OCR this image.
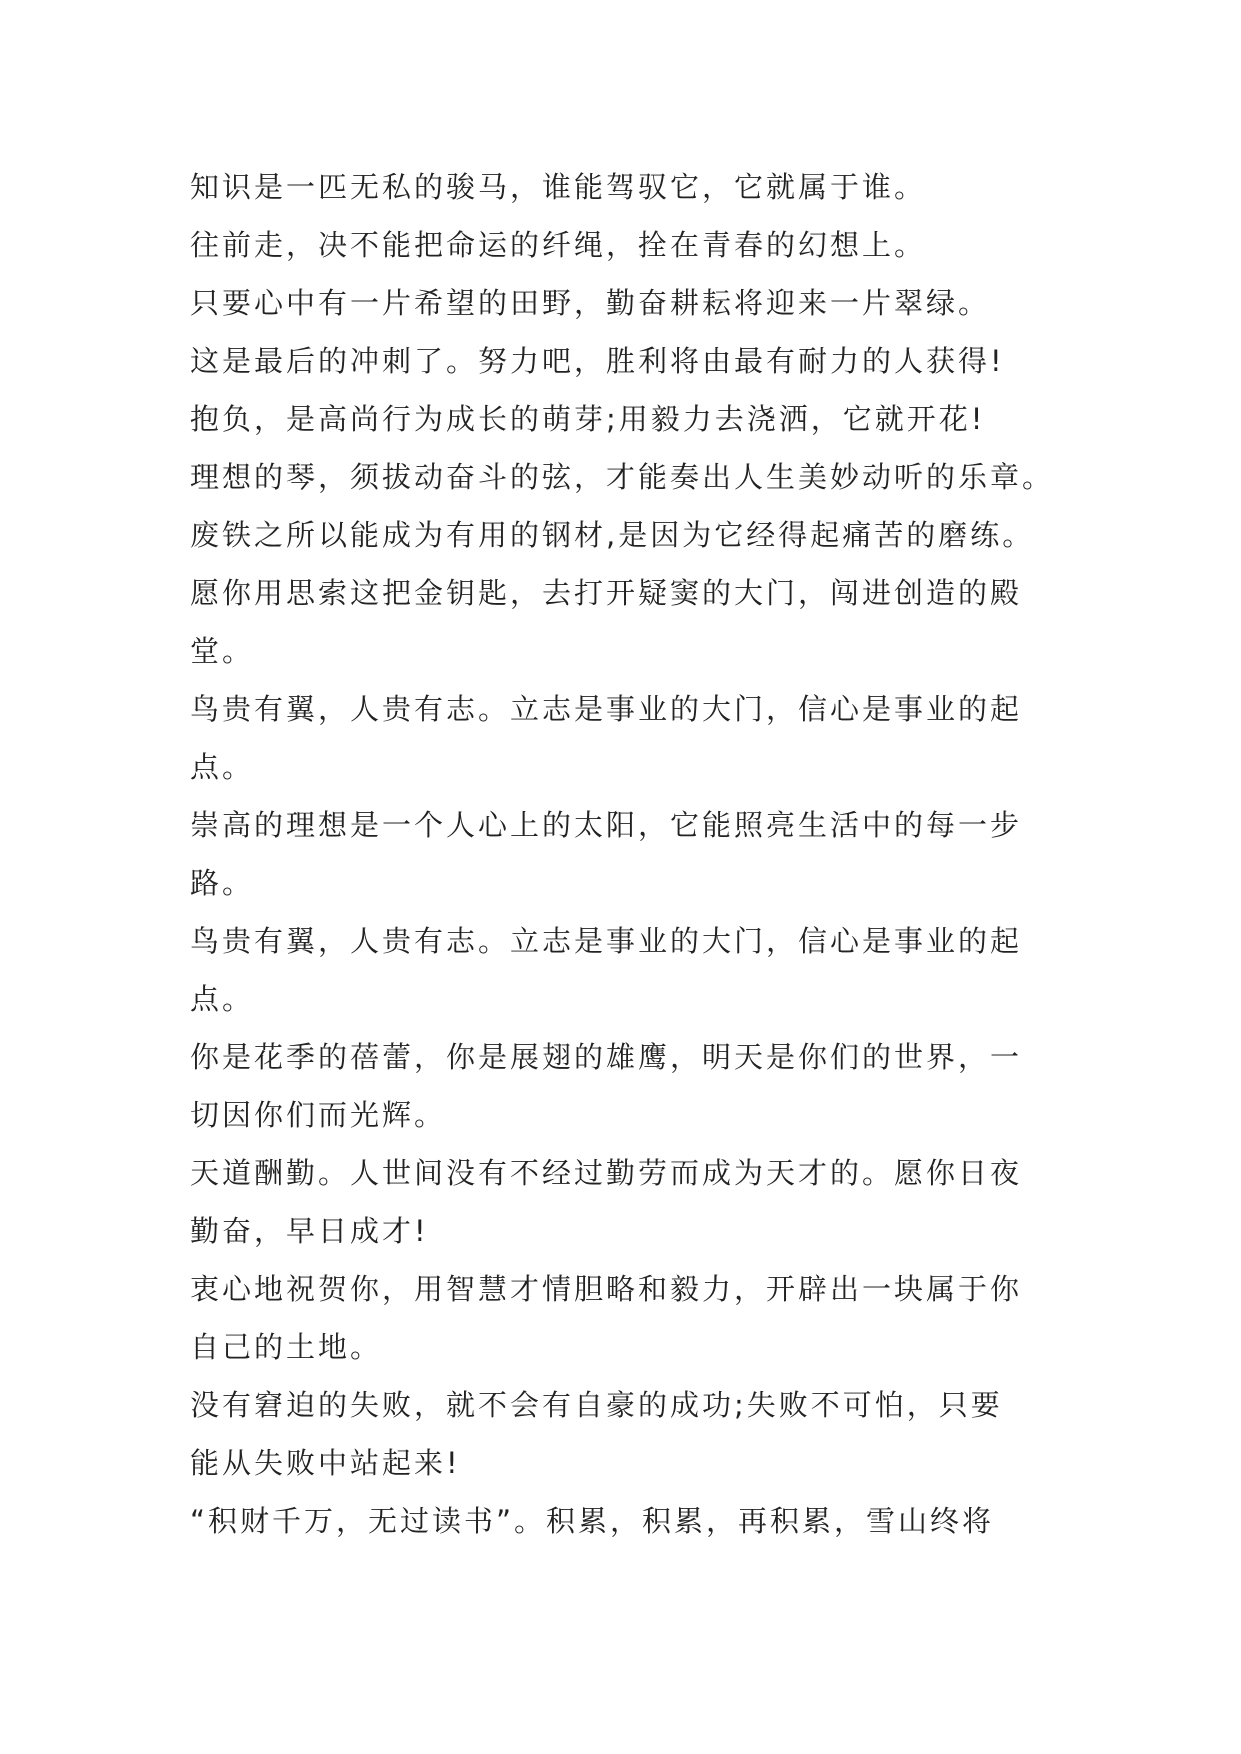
知识是一匹无私的骏马，谁能驾驭它，它就属于谁。
往前走，决不能把命运的纤绳，拴在青春的幻想上。
只要心中有一片希望的田野，勤奋耕耘将迎来一片翠绿。
这是最后的冲刺了。努力吧，胜利将由最有耐力的人获得!
抱负，是高尚行为成长的萌芽;用毅力去浇洒，它就开花!
理想的琴，须拔动奋斗的弦，才能奏出人生美妙动听的乐章。
废铁之所以能成为有用的钢材,是因为它经得起痛苦的磨练。
愿你用思索这把金钥匙，去打开疑窦的大门，闯进创造的殿
堂。
鸟贵有翼，人贵有志。立志是事业的大门，信心是事业的起
点。
崇高的理想是一个人心上的太阳，它能照亮生活中的每一步
路。
鸟贵有翼，人贵有志。立志是事业的大门，信心是事业的起
点。
你是花季的蓓蕾，你是展翅的雄鹰，明天是你们的世界，一
切因你们而光辉。
天道酬勤。人世间没有不经过勤劳而成为天才的。愿你日夜
勤奋，早日成才!
衷心地祝贺你，用智慧才情胆略和毅力，开辟出一块属于你
自己的土地。
没有窘迫的失败，就不会有自豪的成功;失败不可怕，只要
能从失败中站起来!
“积财千万，无过读书”。积累，积累，再积累，雪山终将
